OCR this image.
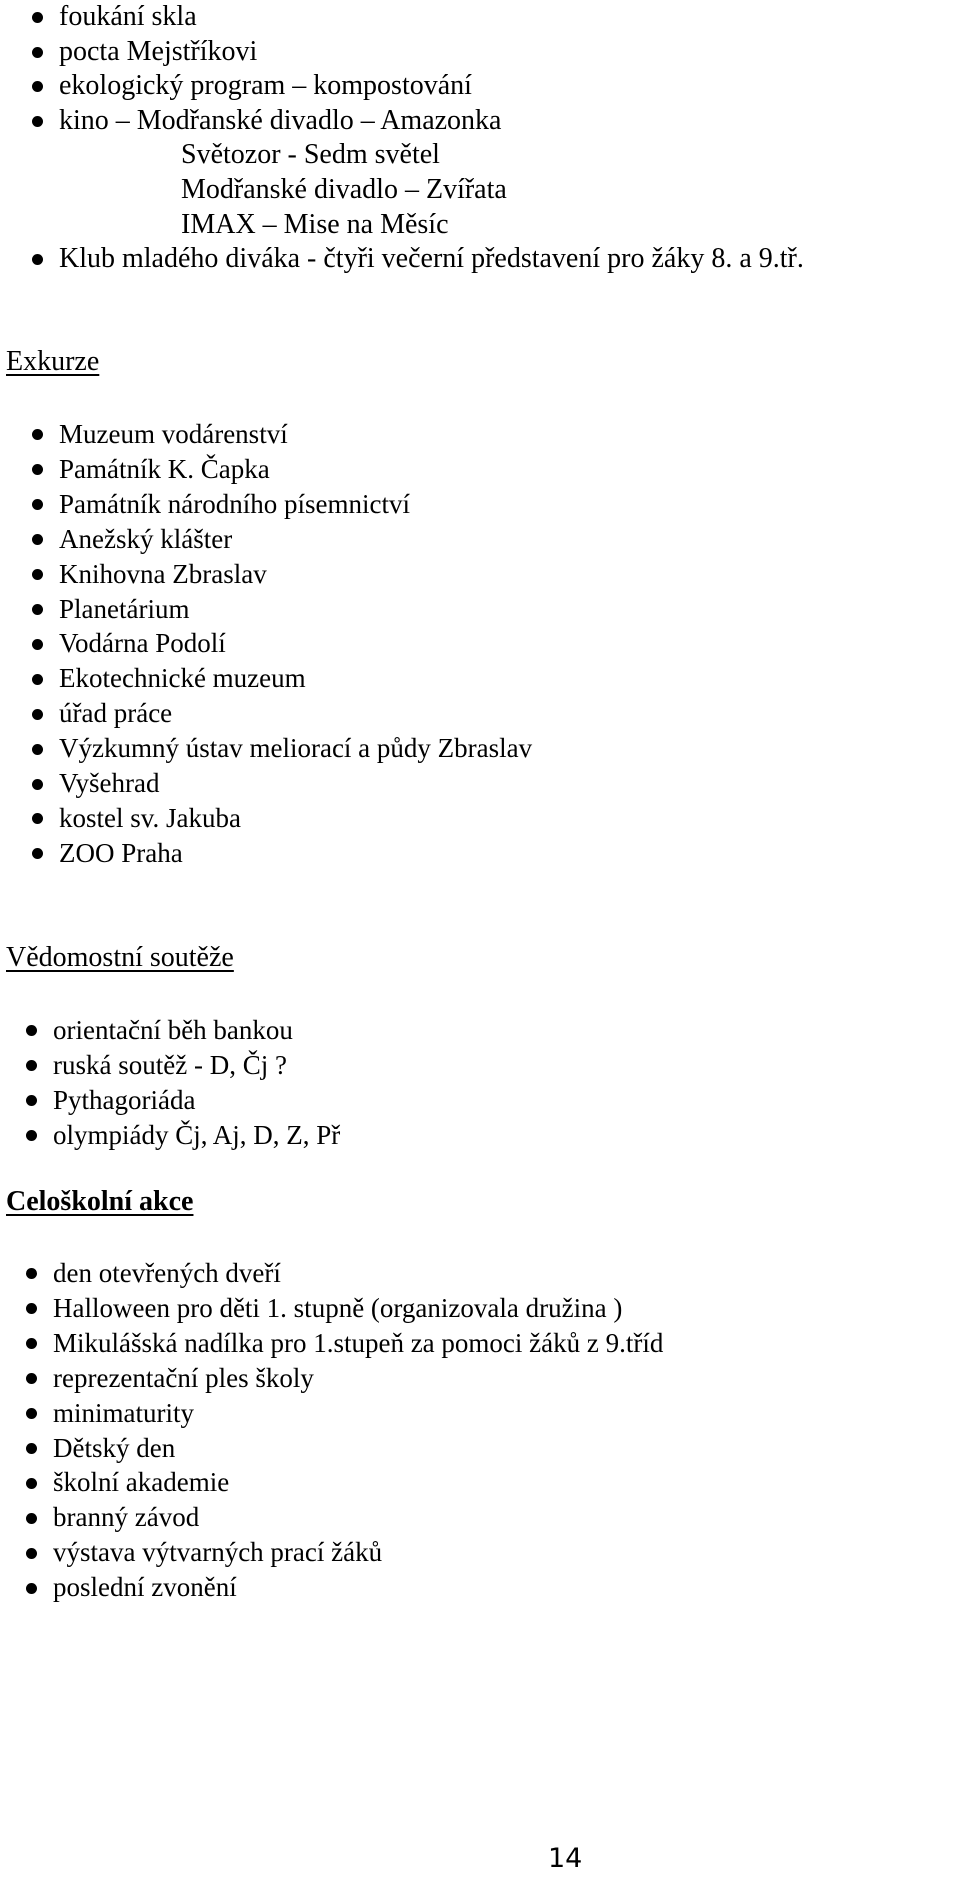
foukání skla
pocta Mejstříkovi
ekologický program – kompostování
kino – Modřanské divadlo – Amazonka
Světozor - Sedm světel
Modřanské divadlo – Zvířata
IMAX – Mise na Měsíc
Klub mladého diváka - čtyři večerní představení pro žáky 8. a 9.tř.
Exkurze
Muzeum vodárenství
Památník K. Čapka
Památník národního písemnictví
Anežský klášter
Knihovna Zbraslav
Planetárium
Vodárna Podolí
Ekotechnické muzeum
úřad práce
Výzkumný ústav meliorací a půdy Zbraslav
Vyšehrad
kostel sv. Jakuba
ZOO Praha
Vědomostní soutěže
orientační běh bankou
ruská soutěž - D, Čj ?
Pythagoriáda
olympiády Čj, Aj, D, Z, Př
Celoškolní akce
den otevřených dveří
Halloween pro děti 1. stupně (organizovala družina )
Mikulášská nadílka pro 1.stupeň za pomoci žáků z 9.tříd
reprezentační ples školy
minimaturity
Dětský den
školní akademie
branný závod
výstava výtvarných prací žáků
poslední zvonění
14
